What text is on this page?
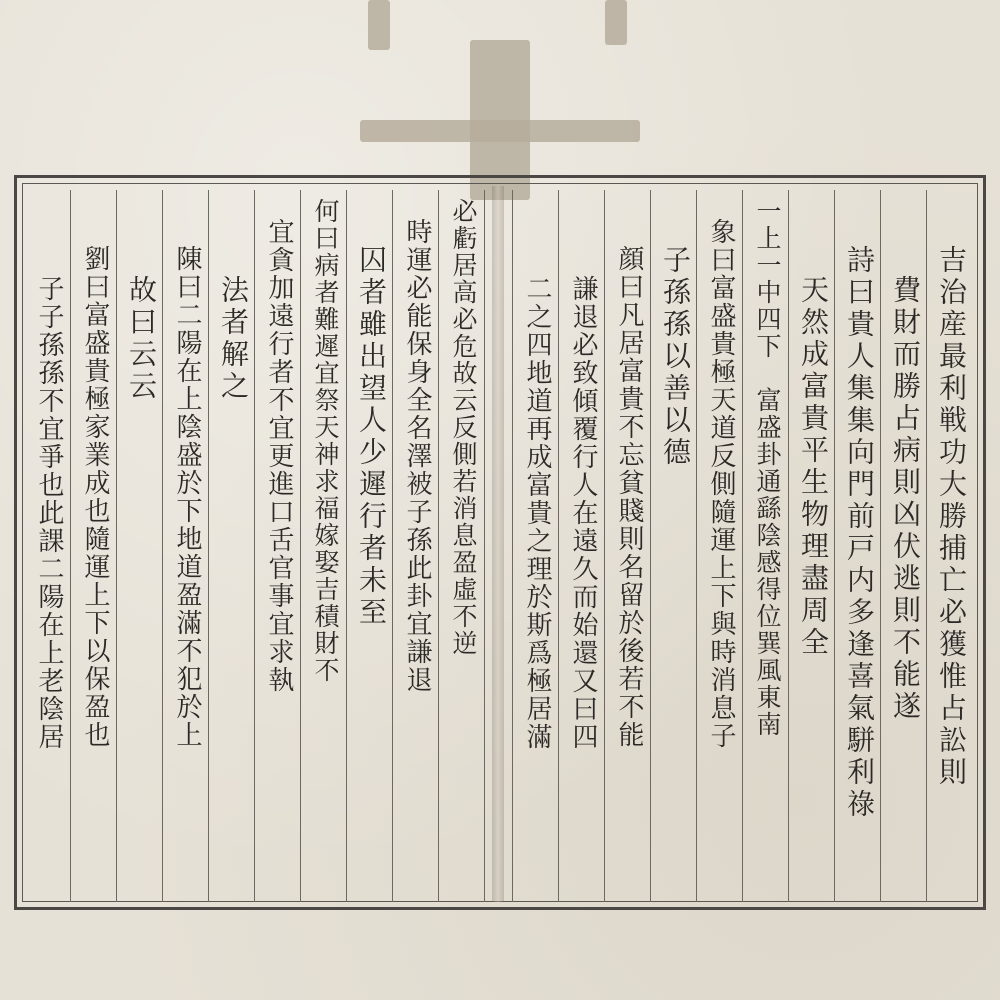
吉治産最利戦功大勝捕亡必獲惟占訟則
費財而勝占病則凶伏逃則不能遂
詩曰貴人集集向門前戸内多逢喜氣駢利祿
天然成富貴平生物理盡周全
一上一中四下　富盛卦通繇陰感得位巽風東南
象曰富盛貴極天道反側隨運上下與時消息子
子孫孫以善以德
顔曰凡居富貴不忘貧賤則名留於後若不能
謙退必致傾覆行人在遠久而始還又曰四
二之四地道再成富貴之理於斯爲極居滿
必虧居高必危故云反側若消息盈虛不逆
時運必能保身全名澤被子孫此卦宜謙退
囚者雖出望人少遲行者未至
何曰病者難遲宜祭天神求福嫁娶吉積財不
宜貪加遠行者不宜更進口舌官事宜求執
法者解之
陳曰二陽在上陰盛於下地道盈滿不犯於上
故曰云云
劉曰富盛貴極家業成也隨運上下以保盈也
子子孫孫不宜爭也此課二陽在上老陰居
